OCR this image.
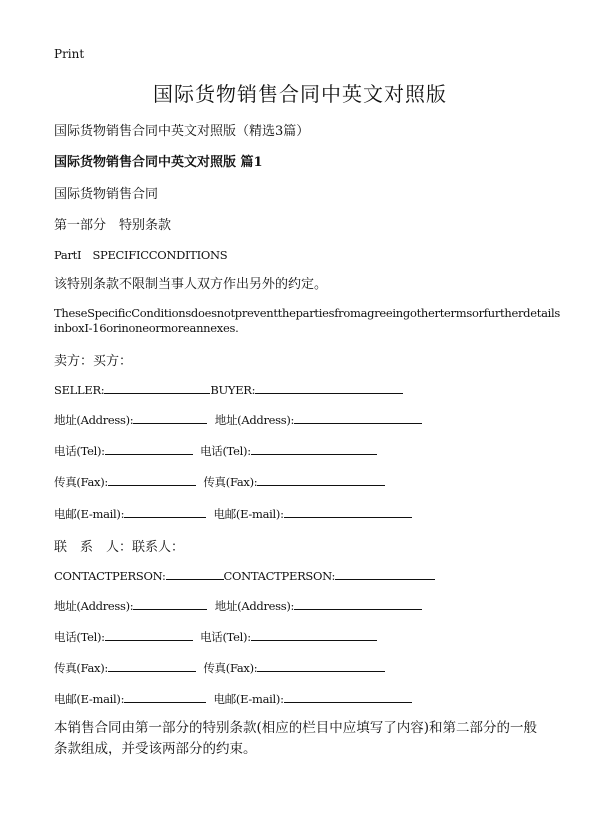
Print
国际货物销售合同中英文对照版
国际货物销售合同中英文对照版（精选3篇）
国际货物销售合同中英文对照版 篇1
国际货物销售合同
第一部分　特别条款
PartI　SPECIFICCONDITIONS
该特别条款不限制当事人双方作出另外的约定。
TheseSpecificConditionsdoesnotpreventthepartiesfromagreeingothertermsorfurtherdetails
inboxI-16orinoneormoreannexes.
卖方：买方：
SELLER:	BUYER:
地址(Address):	地址(Address):
电话(Tel):	电话(Tel):
传真(Fax):	传真(Fax):
电邮(E-mail):	电邮(E-mail):
联　系　人：联系人：
CONTACTPERSON:	CONTACTPERSON:
地址(Address):	地址(Address):
电话(Tel):	电话(Tel):
传真(Fax):	传真(Fax):
电邮(E-mail):	电邮(E-mail):
本销售合同由第一部分的特别条款(相应的栏目中应填写了内容)和第二部分的一般
条款组成，并受该两部分的约束。
